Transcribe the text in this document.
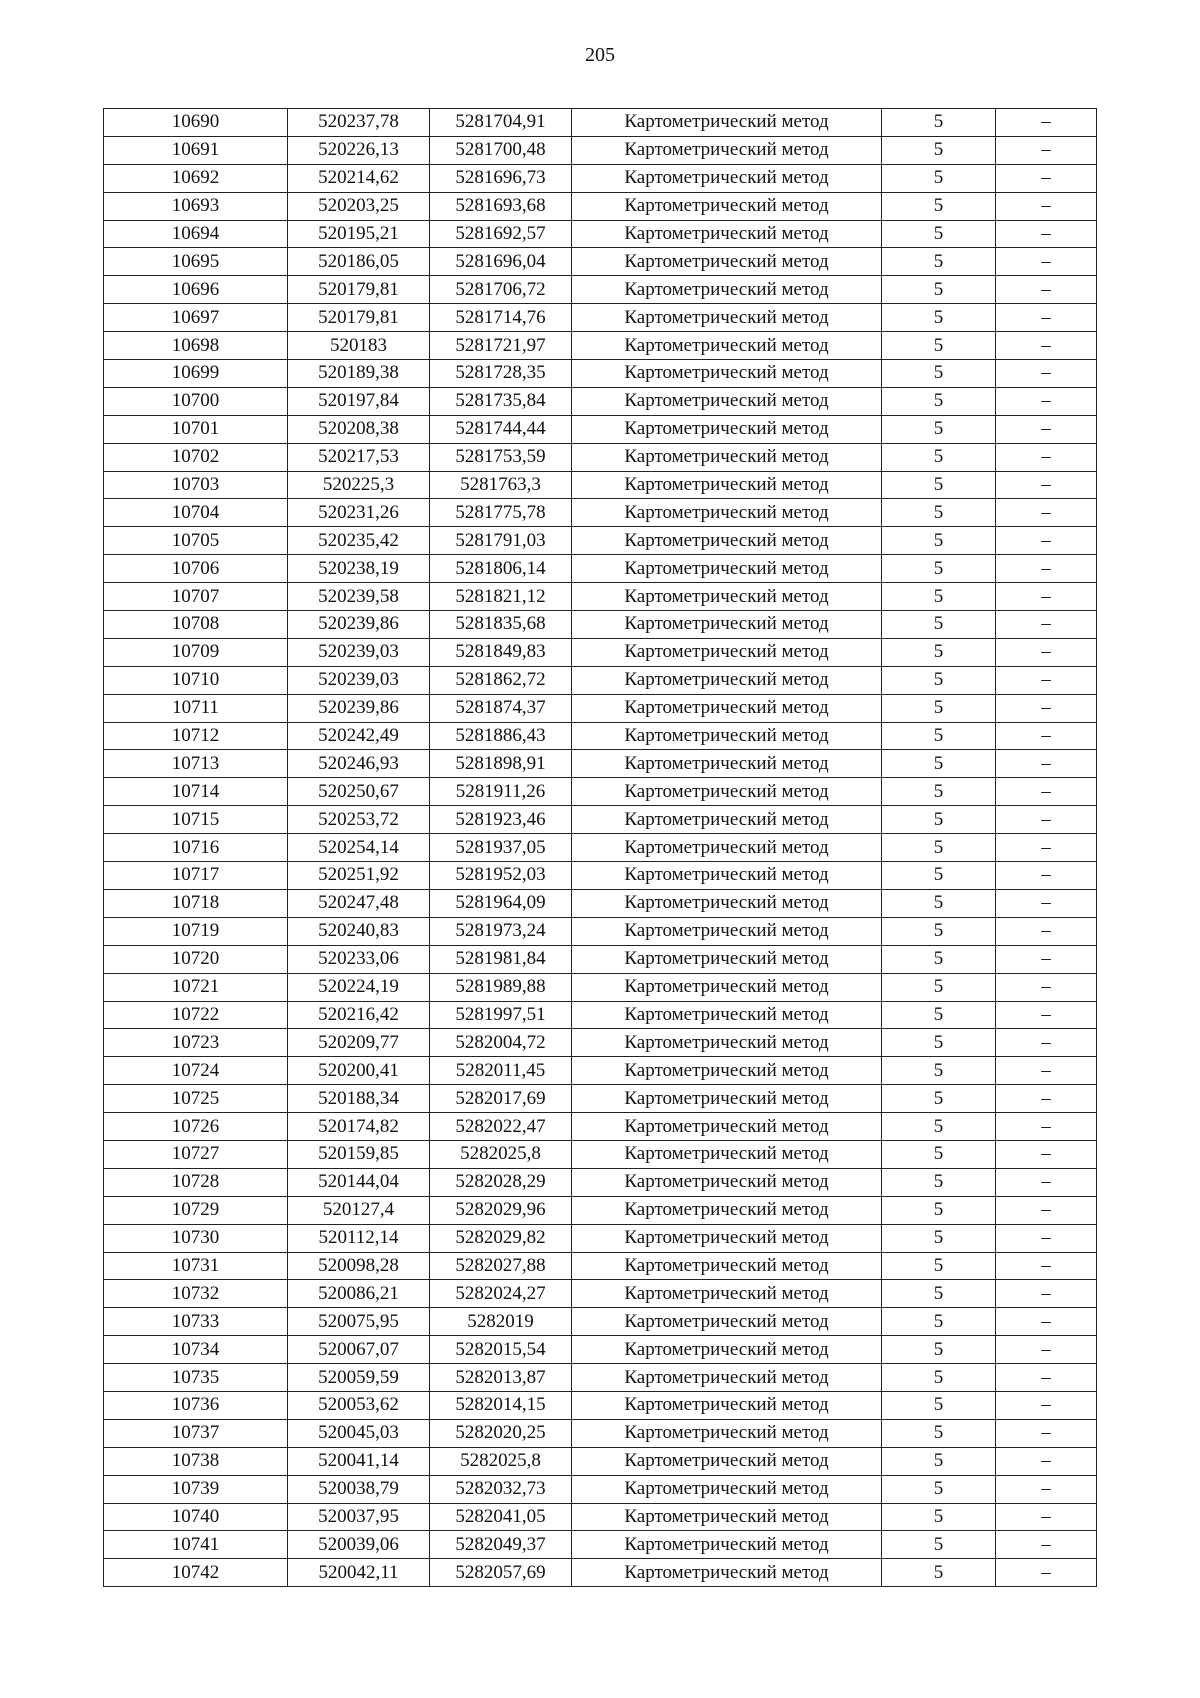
205
10690	520237,78	5281704,91	Картометрический метод	5	–
10691	520226,13	5281700,48	Картометрический метод	5	–
10692	520214,62	5281696,73	Картометрический метод	5	–
10693	520203,25	5281693,68	Картометрический метод	5	–
10694	520195,21	5281692,57	Картометрический метод	5	–
10695	520186,05	5281696,04	Картометрический метод	5	–
10696	520179,81	5281706,72	Картометрический метод	5	–
10697	520179,81	5281714,76	Картометрический метод	5	–
10698	520183	5281721,97	Картометрический метод	5	–
10699	520189,38	5281728,35	Картометрический метод	5	–
10700	520197,84	5281735,84	Картометрический метод	5	–
10701	520208,38	5281744,44	Картометрический метод	5	–
10702	520217,53	5281753,59	Картометрический метод	5	–
10703	520225,3	5281763,3	Картометрический метод	5	–
10704	520231,26	5281775,78	Картометрический метод	5	–
10705	520235,42	5281791,03	Картометрический метод	5	–
10706	520238,19	5281806,14	Картометрический метод	5	–
10707	520239,58	5281821,12	Картометрический метод	5	–
10708	520239,86	5281835,68	Картометрический метод	5	–
10709	520239,03	5281849,83	Картометрический метод	5	–
10710	520239,03	5281862,72	Картометрический метод	5	–
10711	520239,86	5281874,37	Картометрический метод	5	–
10712	520242,49	5281886,43	Картометрический метод	5	–
10713	520246,93	5281898,91	Картометрический метод	5	–
10714	520250,67	5281911,26	Картометрический метод	5	–
10715	520253,72	5281923,46	Картометрический метод	5	–
10716	520254,14	5281937,05	Картометрический метод	5	–
10717	520251,92	5281952,03	Картометрический метод	5	–
10718	520247,48	5281964,09	Картометрический метод	5	–
10719	520240,83	5281973,24	Картометрический метод	5	–
10720	520233,06	5281981,84	Картометрический метод	5	–
10721	520224,19	5281989,88	Картометрический метод	5	–
10722	520216,42	5281997,51	Картометрический метод	5	–
10723	520209,77	5282004,72	Картометрический метод	5	–
10724	520200,41	5282011,45	Картометрический метод	5	–
10725	520188,34	5282017,69	Картометрический метод	5	–
10726	520174,82	5282022,47	Картометрический метод	5	–
10727	520159,85	5282025,8	Картометрический метод	5	–
10728	520144,04	5282028,29	Картометрический метод	5	–
10729	520127,4	5282029,96	Картометрический метод	5	–
10730	520112,14	5282029,82	Картометрический метод	5	–
10731	520098,28	5282027,88	Картометрический метод	5	–
10732	520086,21	5282024,27	Картометрический метод	5	–
10733	520075,95	5282019	Картометрический метод	5	–
10734	520067,07	5282015,54	Картометрический метод	5	–
10735	520059,59	5282013,87	Картометрический метод	5	–
10736	520053,62	5282014,15	Картометрический метод	5	–
10737	520045,03	5282020,25	Картометрический метод	5	–
10738	520041,14	5282025,8	Картометрический метод	5	–
10739	520038,79	5282032,73	Картометрический метод	5	–
10740	520037,95	5282041,05	Картометрический метод	5	–
10741	520039,06	5282049,37	Картометрический метод	5	–
10742	520042,11	5282057,69	Картометрический метод	5	–
